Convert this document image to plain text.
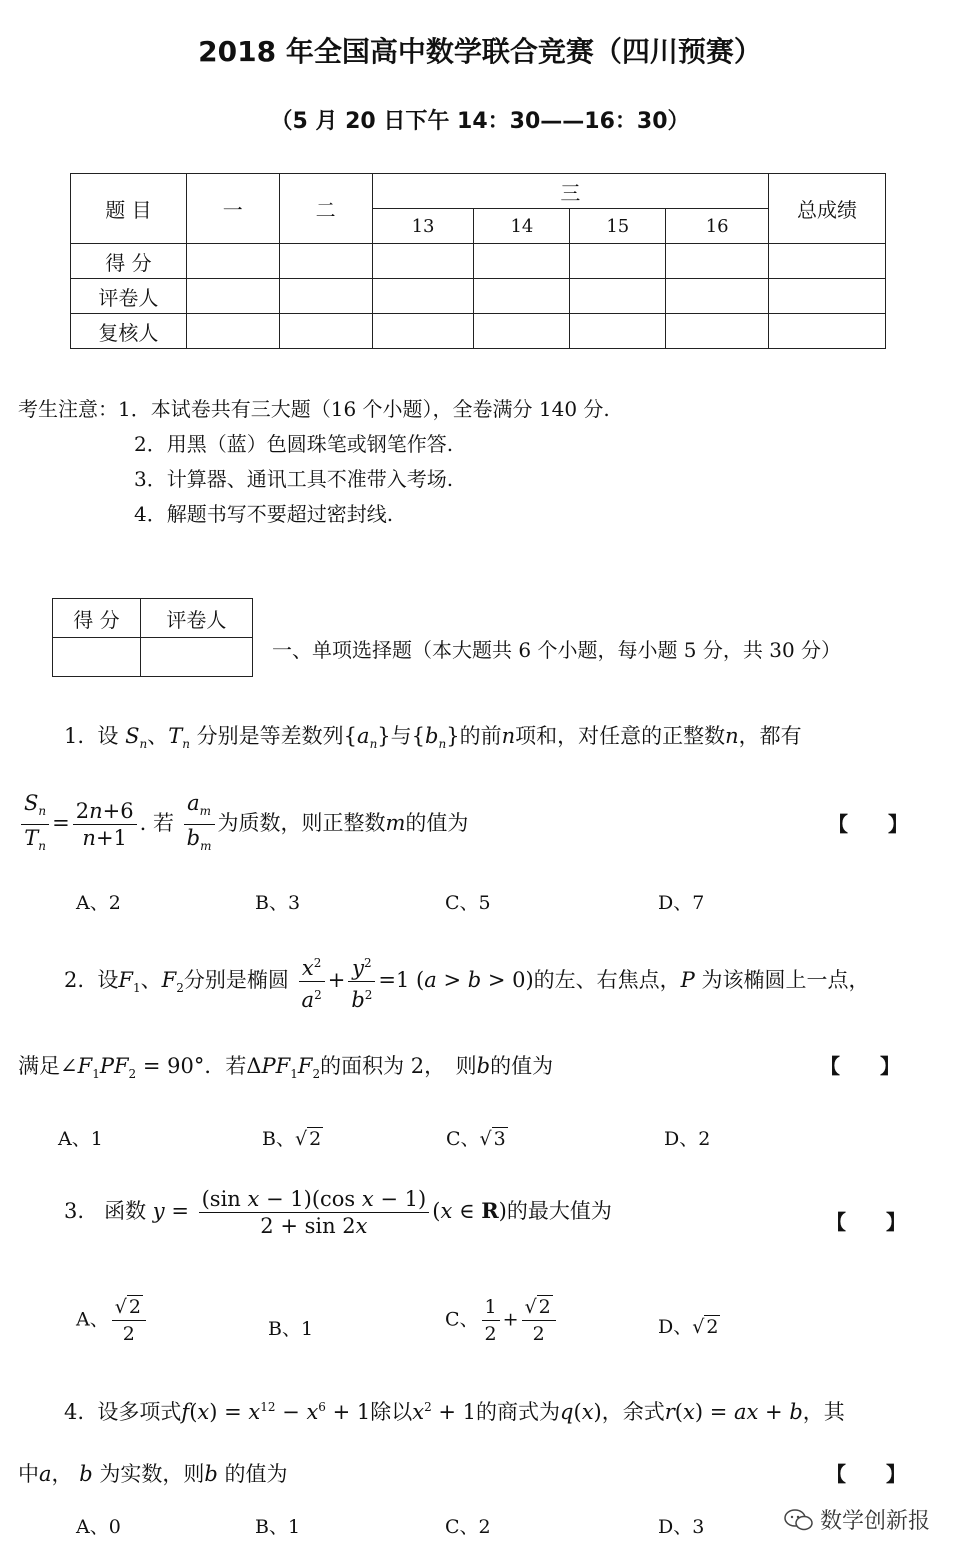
2018 年全国高中数学联合竞赛（四川预赛）
（5 月 20 日下午 14：30——16：30）
题 目	一	二	三				总成绩
			13	14	15	16	
得 分							
评卷人							
复核人							
考生注意：1．本试卷共有三大题（16 个小题），全卷满分 140 分.
2．用黑（蓝）色圆珠笔或钢笔作答.
3．计算器、通讯工具不准带入考场.
4．解题书写不要超过密封线.
得 分	评卷人

一、单项选择题（本大题共 6 个小题，每小题 5 分，共 30 分）
1. 设 $S_n$、$T_n$ 分别是等差数列$\{a_n\}$与$\{b_n\}$的前n项和，对任意的正整数n，都有
$\frac{S_n}{T_n} = \frac{2n+6}{n+1}$ . 若 $\frac{a_m}{b_m}$ 为质数，则正整数m的值为	【　　】
A、2	B、3	C、5	D、7
2. 设$F_1$、$F_2$分别是椭圆 $\frac{x^2}{a^2} + \frac{y^2}{b^2} =1$ (a > b > 0)的左、右焦点，P 为该椭圆上一点，
满足$\angle F_1PF_2 = 90^\circ$．若$\Delta PF_1F_2$的面积为 2，　则b的值为	【　　】
A、1	B、√ 2	C、√ 3	D、2
3. 函数 $y = \frac{\text{(sin x − 1)(cos x − 1)}}{2 + \sin 2x} (x$ ∈ R)的最大值为	【　　】
A、 $\frac{√ 2}{2}$	B、1	C、 $\frac{1}{2} + \frac{√ 2}{2}$	D、√ 2
4. 设多项式$f(x) = x^{12} - x^6 + 1$除以$x^2 + 1$的商式为q(x)，余式r(x) = ax + b，其
中a， b 为实数，则b 的值为	【　　】
A、0	B、1	C、2	D、3	数学创新报
